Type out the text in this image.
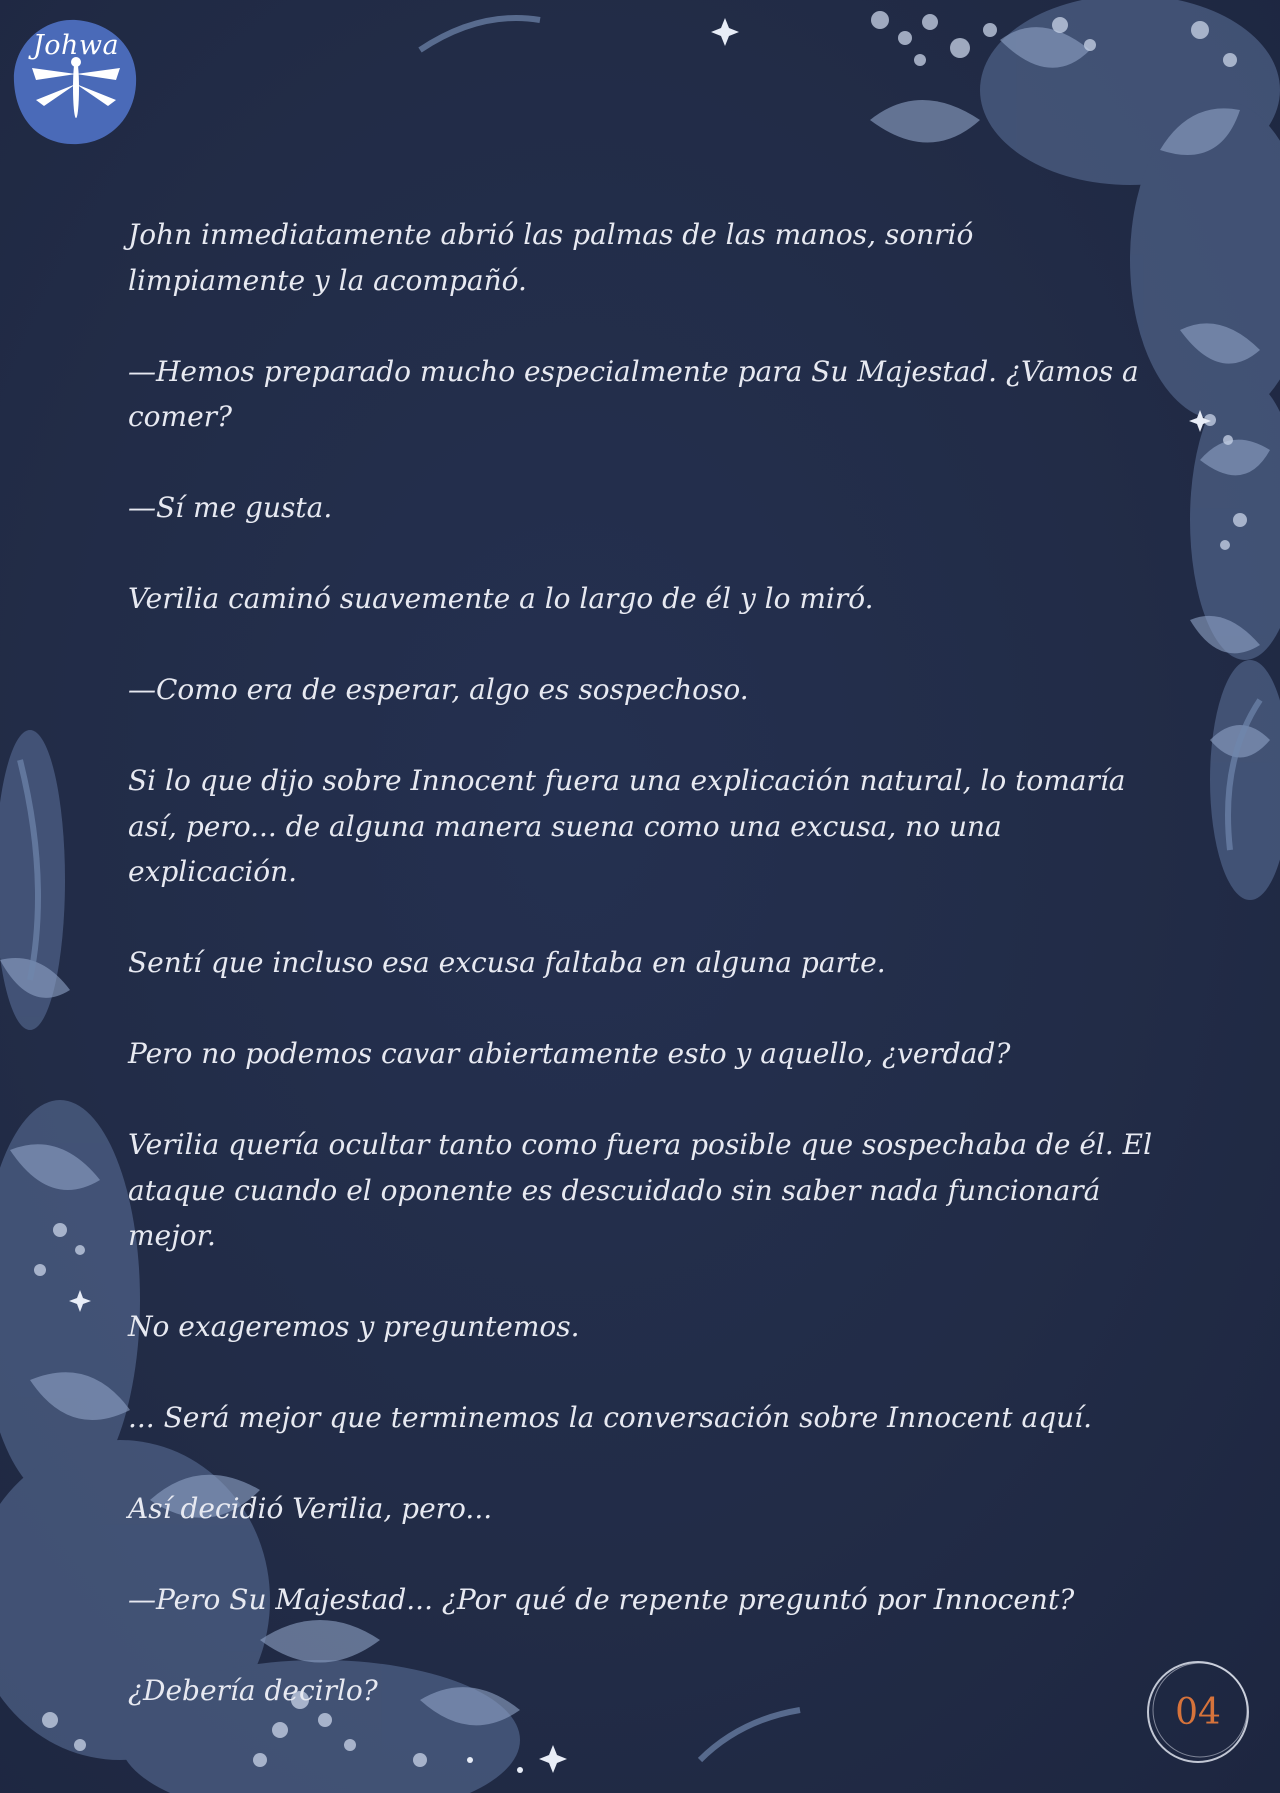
Johwa

John inmediatamente abrió las palmas de las manos, sonrió limpiamente y la acompañó.

—Hemos preparado mucho especialmente para Su Majestad. ¿Vamos a comer?

—Sí me gusta.

Verilia caminó suavemente a lo largo de él y lo miró.

—Como era de esperar, algo es sospechoso.

Si lo que dijo sobre Innocent fuera una explicación natural, lo tomaría así, pero... de alguna manera suena como una excusa, no una explicación.

Sentí que incluso esa excusa faltaba en alguna parte.

Pero no podemos cavar abiertamente esto y aquello, ¿verdad?

Verilia quería ocultar tanto como fuera posible que sospechaba de él. El ataque cuando el oponente es descuidado sin saber nada funcionará mejor.

No exageremos y preguntemos.

... Será mejor que terminemos la conversación sobre Innocent aquí.

Así decidió Verilia, pero...

—Pero Su Majestad... ¿Por qué de repente preguntó por Innocent?

¿Debería decirlo?

04
